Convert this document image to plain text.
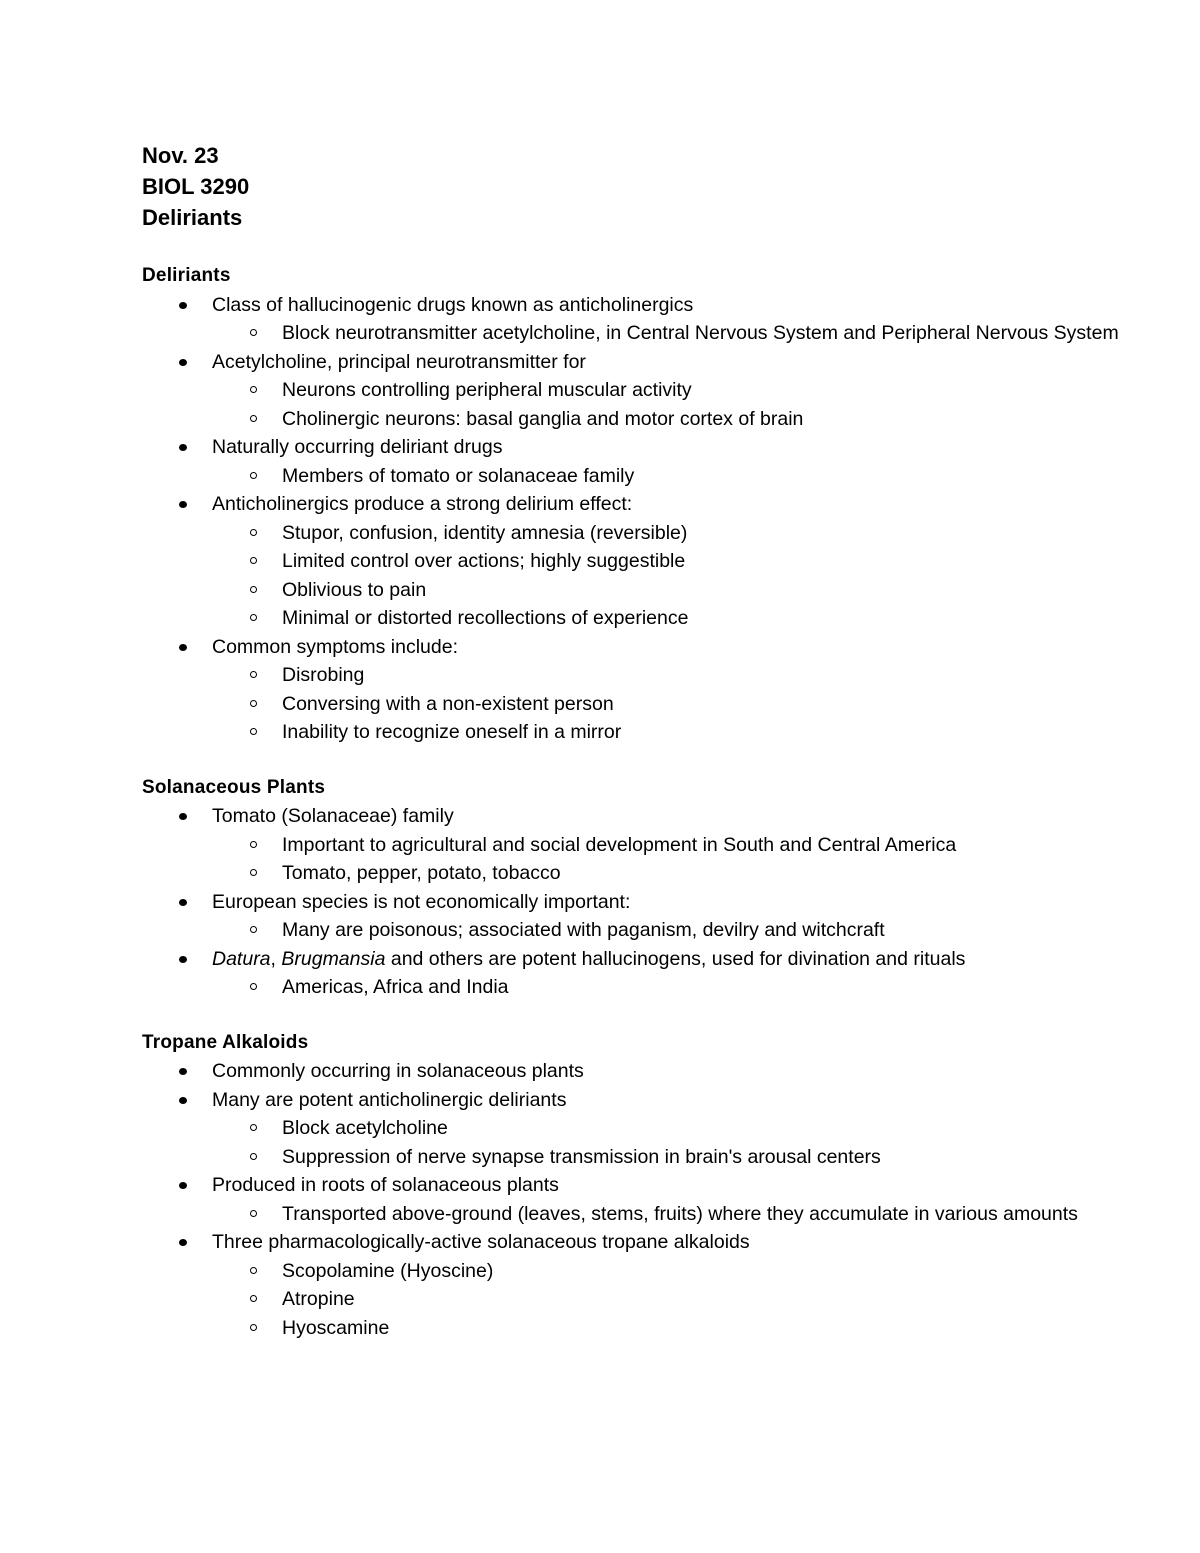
Nov. 23
BIOL 3290
Deliriants
Deliriants
Class of hallucinogenic drugs known as anticholinergics
Block neurotransmitter acetylcholine, in Central Nervous System and Peripheral Nervous System
Acetylcholine, principal neurotransmitter for
Neurons controlling peripheral muscular activity
Cholinergic neurons: basal ganglia and motor cortex of brain
Naturally occurring deliriant drugs
Members of tomato or solanaceae family
Anticholinergics produce a strong delirium effect:
Stupor, confusion, identity amnesia (reversible)
Limited control over actions; highly suggestible
Oblivious to pain
Minimal or distorted recollections of experience
Common symptoms include:
Disrobing
Conversing with a non-existent person
Inability to recognize oneself in a mirror
Solanaceous Plants
Tomato (Solanaceae) family
Important to agricultural and social development in South and Central America
Tomato, pepper, potato, tobacco
European species is not economically important:
Many are poisonous; associated with paganism, devilry and witchcraft
Datura, Brugmansia and others are potent hallucinogens, used for divination and rituals
Americas, Africa and India
Tropane Alkaloids
Commonly occurring in solanaceous plants
Many are potent anticholinergic deliriants
Block acetylcholine
Suppression of nerve synapse transmission in brain's arousal centers
Produced in roots of solanaceous plants
Transported above-ground (leaves, stems, fruits) where they accumulate in various amounts
Three pharmacologically-active solanaceous tropane alkaloids
Scopolamine (Hyoscine)
Atropine
Hyoscamine
